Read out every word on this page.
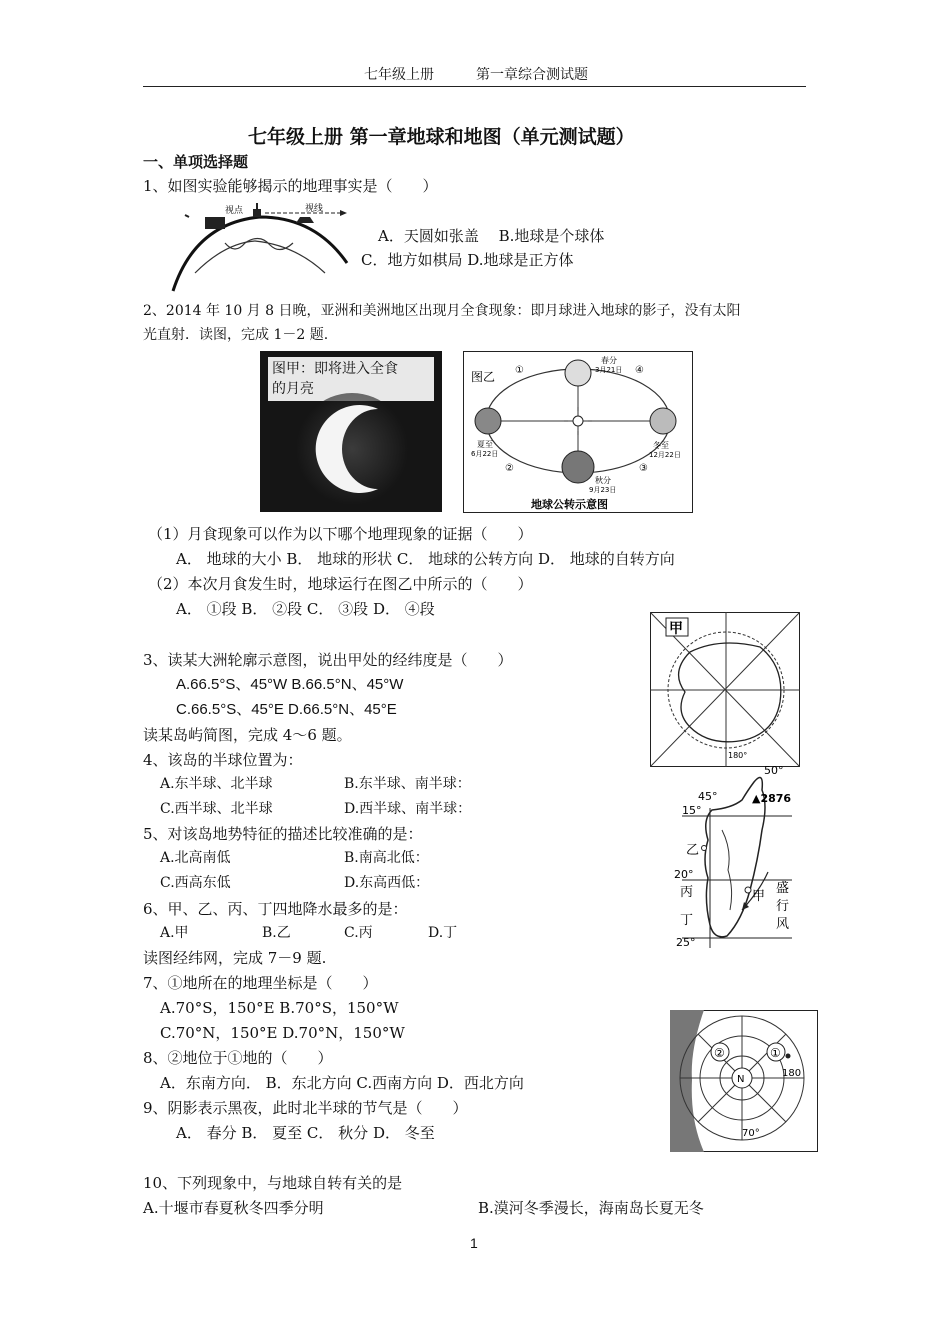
七年级上册	第一章综合测试题
七年级上册 第一章地球和地图（单元测试题）
一、单项选择题
1、如图实验能够揭示的地理事实是（　　）
视点	视线
A．天圆如张盖　 B.地球是个球体
C．地方如棋局 D.地球是正方体
2、2014 年 10 月 8 日晚，亚洲和美洲地区出现月全食现象：即月球进入地球的影子，没有太阳
光直射．读图，完成 1－2 题.
图甲：即将进入全食
的月亮
图乙
春分
3月21日
夏至
6月22日
秋分
9月23日
冬至
12月22日
①
②	③
④
地球公转示意图
（1）月食现象可以作为以下哪个地理现象的证据（　　）
A． 地球的大小 B． 地球的形状 C． 地球的公转方向 D． 地球的自转方向
（2）本次月食发生时，地球运行在图乙中所示的（　　）
A． ①段 B． ②段 C． ③段 D． ④段
甲
180°
3、读某大洲轮廓示意图，说出甲处的经纬度是（　　）
A.66.5°S、45°W B.66.5°N、45°W
C.66.5°S、45°E D.66.5°N、45°E
读某岛屿简图，完成 4～6 题。
50°
45°	▲2876
15°
乙
20°
丙	甲
丁
25°
盛
行
风
4、该岛的半球位置为：
A.东半球、北半球	B.东半球、南半球：
C.西半球、北半球	D.西半球、南半球：
5、对该岛地势特征的描述比较准确的是：
A.北高南低	B.南高北低：
C.西高东低	D.东高西低：
6、甲、乙、丙、丁四地降水最多的是：
A.甲	B.乙	C.丙	D.丁
读图经纬网，完成 7－9 题.
7、①地所在的地理坐标是（　　）
A.70°S，150°E B.70°S，150°W
C.70°N，150°E D.70°N，150°W
N
②	①
180
70°
8、②地位于①地的（　　）
A．东南方向． B．东北方向 C.西南方向 D．西北方向
9、阴影表示黑夜，此时北半球的节气是（　　）
A． 春分 B． 夏至 C． 秋分 D． 冬至
10、下列现象中，与地球自转有关的是
A.十堰市春夏秋冬四季分明	B.漠河冬季漫长，海南岛长夏无冬
1
